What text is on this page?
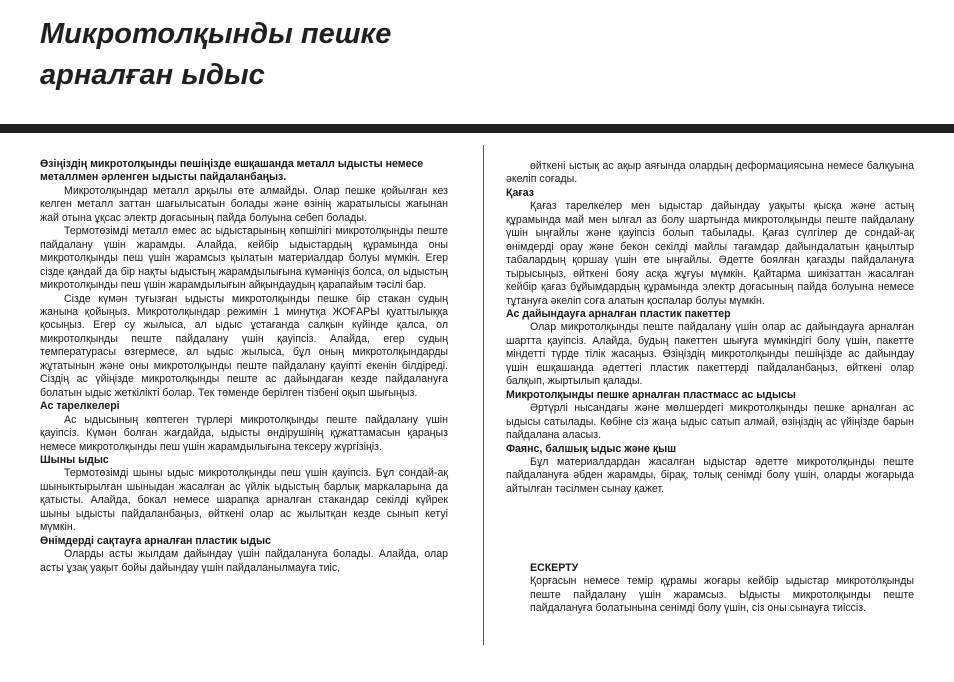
Микротолқынды пешке
арналған ыдыс
Өзіңіздің микротолқынды пешіңізде ешқашанда металл ыдысты немесе металлмен әрленген ыдысты пайдаланбаңыз.

Микротолқындар металл арқылы өте алмайды. Олар пешке қойылған кез келген металл заттан шағылысатын болады және өзінің жаратылысы жағынан жай отына ұқсас электр доғасының пайда болуына себеп болады.

Термотөзімді металл емес ас ыдыстарының көпшілігі микротолқынды пеште пайдалану үшін жарамды. Алайда, кейбір ыдыстардың құрамында оны микротолқынды пеш үшін жарамсыз қылатын материалдар болуы мүмкін. Егер сізде қандай да бір нақты ыдыстың жарамдылығына күмәніңіз болса, ол ыдыстың микротолқынды пеш үшін жарамдылығын айқындаудың қарапайым тәсілі бар.

Сізде күмән туғызған ыдысты микротолқынды пешке бір стакан судың жанына қойыңыз. Микротолқындар режимін 1 минутқа ЖОҒАРЫ қуаттылыққа қосыңыз. Егер су жылыса, ал ыдыс ұстағанда салқын күйінде қалса, ол микротолқынды пеште пайдалану үшін қауіпсіз. Алайда, егер судың температурасы өзгермесе, ал ыдыс жылыса, бұл оның микротолқындарды жұтатынын және оны микротолқынды пеште пайдалану қауіпті екенін білдіреді. Сіздің ас үйіңізде микротолқынды пеште ас дайындаған кезде пайдалануға болатын ыдыс жеткілікті болар. Тек төменде берілген тізбені оқып шығыңыз.

Ас тарелкелері

Ас ыдысының көптеген түрлері микротолқынды пеште пайдалану үшін қауіпсіз. Күмән болған жағдайда, ыдысты өндірушінің құжаттамасын қараңыз немесе микротолқынды пеш үшін жарамдылығына тексеру жүргізіңіз.

Шыны ыдыс

Термотөзімді шыны ыдыс микротолқынды пеш үшін қауіпсіз. Бұл сондай-ақ шыныктырылған шыныдан жасалған ас үйлік ыдыстың барлық маркаларына да қатысты. Алайда, бокал немесе шарапқа арналған стакандар секілді күйрек шыны ыдысты пайдаланбаңыз, өйткені олар ас жылытқан кезде сынып кетуі мүмкін.

Өнімдерді сақтауға арналған пластик ыдыс

Оларды асты жылдам дайындау үшін пайдалануға болады. Алайда, олар асты ұзақ уақыт бойы дайындау үшін пайдаланылмауға тиіс,

өйткені ыстық ас ақыр аяғында олардың деформациясына немесе балқуына әкеліп соғады.

Қағаз

Қағаз тарелкелер мен ыдыстар дайындау уақыты қысқа және астың құрамында май мен ылғал аз болу шартында микротолқынды пеште пайдалану үшін ыңғайлы және қауіпсіз болып табылады. Қағаз сүлгілер де сондай-ақ өнімдерді орау және бекон секілді майлы тағамдар дайындалатын қаңылтыр табалардың қоршау үшін өте ыңғайлы. Әдетте боялған қағазды пайдалануға тырысыңыз, өйткені бояу асқа жұғуы мүмкін. Қайтарма шикізаттан жасалған кейбір қағаз бұйымдардың құрамында электр доғасының пайда болуына немесе тұтануға әкеліп соға алатын қоспалар болуы мүмкін.

Ас дайындауға арналған пластик пакеттер

Олар микротолқынды пеште пайдалану үшін олар ас дайындауға арналған шартта қауіпсіз. Алайда, будың пакеттен шығуға мүмкіндігі болу үшін, пакетте міндетті түрде тілік жасаңыз. Өзіңіздің микротолқынды пешіңізде ас дайындау үшін ешқашанда әдеттегі пластик пакеттерді пайдаланбаңыз, өйткені олар балқып, жыртылып қалады.

Микротолқынды пешке арналған пластмасс ас ыдысы

Әртүрлі нысандағы және мөлшердегі микротолқынды пешке арналған ас ыдысы сатылады. Көбіне сіз жаңа ыдыс сатып алмай, өзіңіздің ас үйіңізде барын пайдалана аласыз.

Фаянс, балшық ыдыс және қыш

Бұл материалдардан жасалған ыдыстар әдетте микротолқынды пеште пайдалануға әбден жарамды, бірақ, толық сенімді болу үшін, оларды жоғарыда айтылған тәсілмен сынау қажет.

ЕСКЕРТУ

Қорғасын немесе темір құрамы жоғары кейбір ыдыстар микротолқынды пеште пайдалану үшін жарамсыз. Ыдысты микротолқынды пеште пайдалануға болатынына сенімді болу үшін, сіз оны сынауға тиіссіз.
